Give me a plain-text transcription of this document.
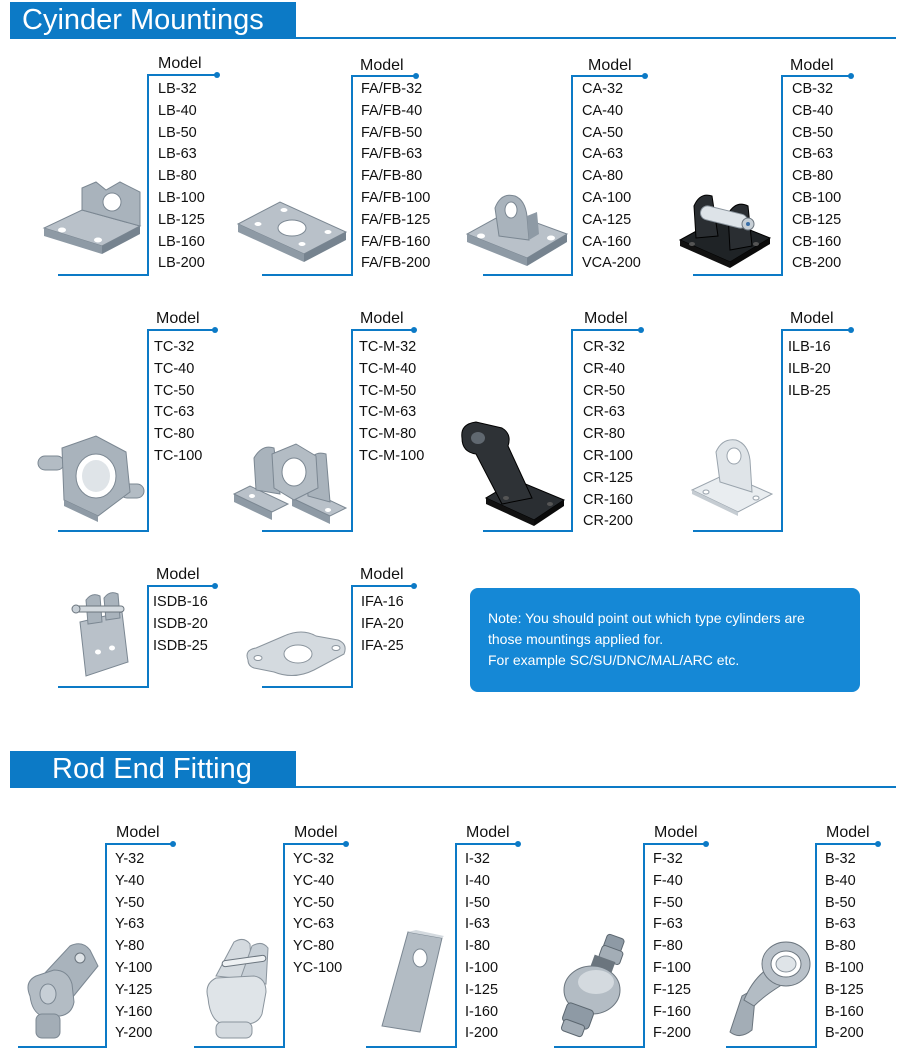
Cyinder Mountings
Rod End Fitting
Model
LB-32
LB-40
LB-50
LB-63
LB-80
LB-100
LB-125
LB-160
LB-200
Model
FA/FB-32
FA/FB-40
FA/FB-50
FA/FB-63
FA/FB-80
FA/FB-100
FA/FB-125
FA/FB-160
FA/FB-200
Model
CA-32
CA-40
CA-50
CA-63
CA-80
CA-100
CA-125
CA-160
VCA-200
Model
CB-32
CB-40
CB-50
CB-63
CB-80
CB-100
CB-125
CB-160
CB-200
Model
TC-32
TC-40
TC-50
TC-63
TC-80
TC-100
Model
TC-M-32
TC-M-40
TC-M-50
TC-M-63
TC-M-80
TC-M-100
Model
CR-32
CR-40
CR-50
CR-63
CR-80
CR-100
CR-125
CR-160
CR-200
Model
ILB-16
ILB-20
ILB-25
Model
ISDB-16
ISDB-20
ISDB-25
Model
IFA-16
IFA-20
IFA-25

Note: You should point out which type cylinders are

those mountings applied for.

For example SC/SU/DNC/MAL/ARC etc.

Model
Y-32
Y-40
Y-50
Y-63
Y-80
Y-100
Y-125
Y-160
Y-200
Model
YC-32
YC-40
YC-50
YC-63
YC-80
YC-100
Model
I-32
I-40
I-50
I-63
I-80
I-100
I-125
I-160
I-200
Model
F-32
F-40
F-50
F-63
F-80
F-100
F-125
F-160
F-200
Model
B-32
B-40
B-50
B-63
B-80
B-100
B-125
B-160
B-200
